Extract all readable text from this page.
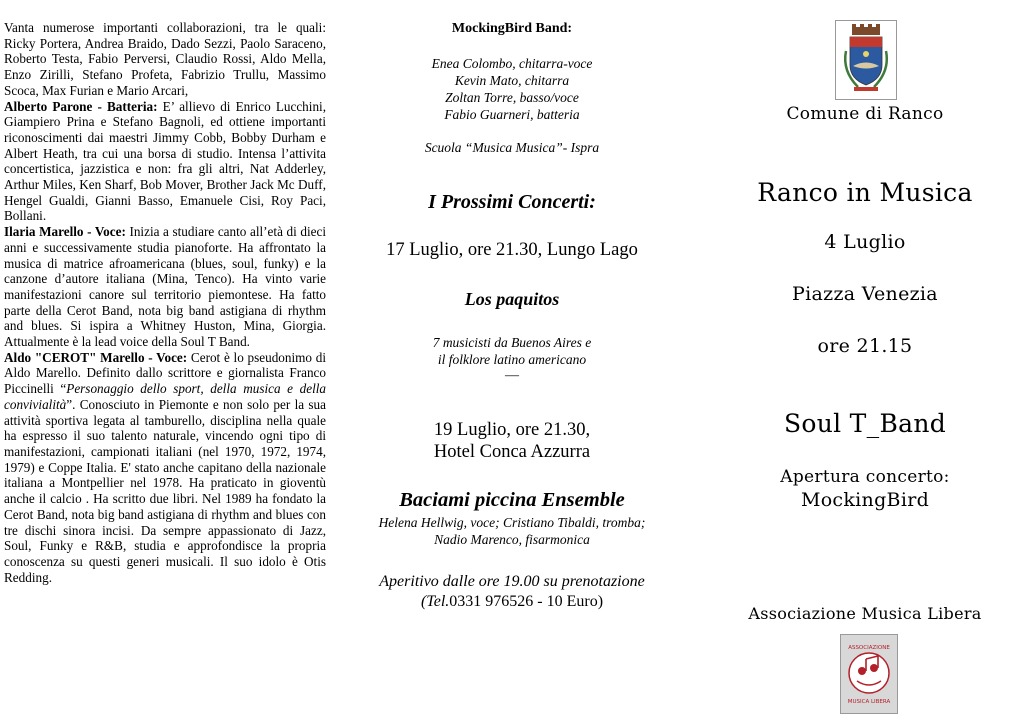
Vanta numerose importanti collaborazioni, tra le quali: Ricky Portera, Andrea Braido, Dado Sezzi, Paolo Saraceno, Roberto Testa, Fabio Perversi, Claudio Rossi, Aldo Mella, Enzo Zirilli, Stefano Profeta, Fabrizio Trullu, Massimo Scoca, Max Furian e Mario Arcari,

Alberto Parone - Batteria: E’ allievo di Enrico Lucchini, Giampiero Prina e Stefano Bagnoli, ed ottiene importanti riconoscimenti dai maestri Jimmy Cobb, Bobby Durham e Albert Heath, tra cui una borsa di studio. Intensa l’attivita concertistica, jazzistica e non: fra gli altri, Nat Adderley, Arthur Miles, Ken Sharf, Bob Mover, Brother Jack Mc Duff, Hengel Gualdi, Gianni Basso, Emanuele Cisi, Roy Paci, Bollani.

Ilaria Marello - Voce: Inizia a studiare canto all’età di dieci anni e successivamente studia pianoforte. Ha affrontato la musica di matrice afroamericana (blues, soul, funky) e la canzone d’autore italiana (Mina, Tenco). Ha vinto varie manifestazioni canore sul territorio piemontese. Ha fatto parte della Cerot Band, nota big band astigiana di rhythm and blues. Si ispira a Whitney Huston, Mina, Giorgia. Attualmente è la lead voice della Soul T Band.

Aldo "CEROT" Marello - Voce: Cerot è lo pseudonimo di Aldo Marello. Definito dallo scrittore e giornalista Franco Piccinelli “Personaggio dello sport, della musica e della convivialità”. Conosciuto in Piemonte e non solo per la sua attività sportiva legata al tamburello, disciplina nella quale ha espresso il suo talento naturale, vincendo ogni tipo di manifestazioni, campionati italiani (nel 1970, 1972, 1974, 1979) e Coppe Italia. E' stato anche capitano della nazionale italiana a Montpellier nel 1978. Ha praticato in gioventù anche il calcio . Ha scritto due libri. Nel 1989 ha fondato la Cerot Band, nota big band astigiana di rhythm and blues con tre dischi sinora incisi. Da sempre appassionato di Jazz, Soul, Funky e R&B, studia e approfondisce la propria conoscenza su questi generi musicali. Il suo idolo è Otis Redding.

MockingBird Band:

Enea Colombo, chitarra-voce

Kevin Mato, chitarra

Zoltan Torre, basso/voce

Fabio Guarneri, batteria

Scuola “Musica Musica”- Ispra

I Prossimi Concerti:

17 Luglio, ore 21.30, Lungo Lago

Los paquitos

7 musicisti da Buenos Aires e

il folklore latino americano

—

19 Luglio, ore 21.30,

Hotel Conca Azzurra

Baciami piccina Ensemble

Helena Hellwig, voce; Cristiano Tibaldi, tromba;

Nadio Marenco, fisarmonica

Aperitivo dalle ore 19.00 su prenotazione

(Tel.0331 976526 - 10 Euro)

Comune di Ranco

Ranco in Musica

4 Luglio

Piazza Venezia

ore 21.15

Soul T_Band

Apertura concerto:

MockingBird

Associazione Musica Libera

ASSOCIAZIONE
MUSICA LIBERA
